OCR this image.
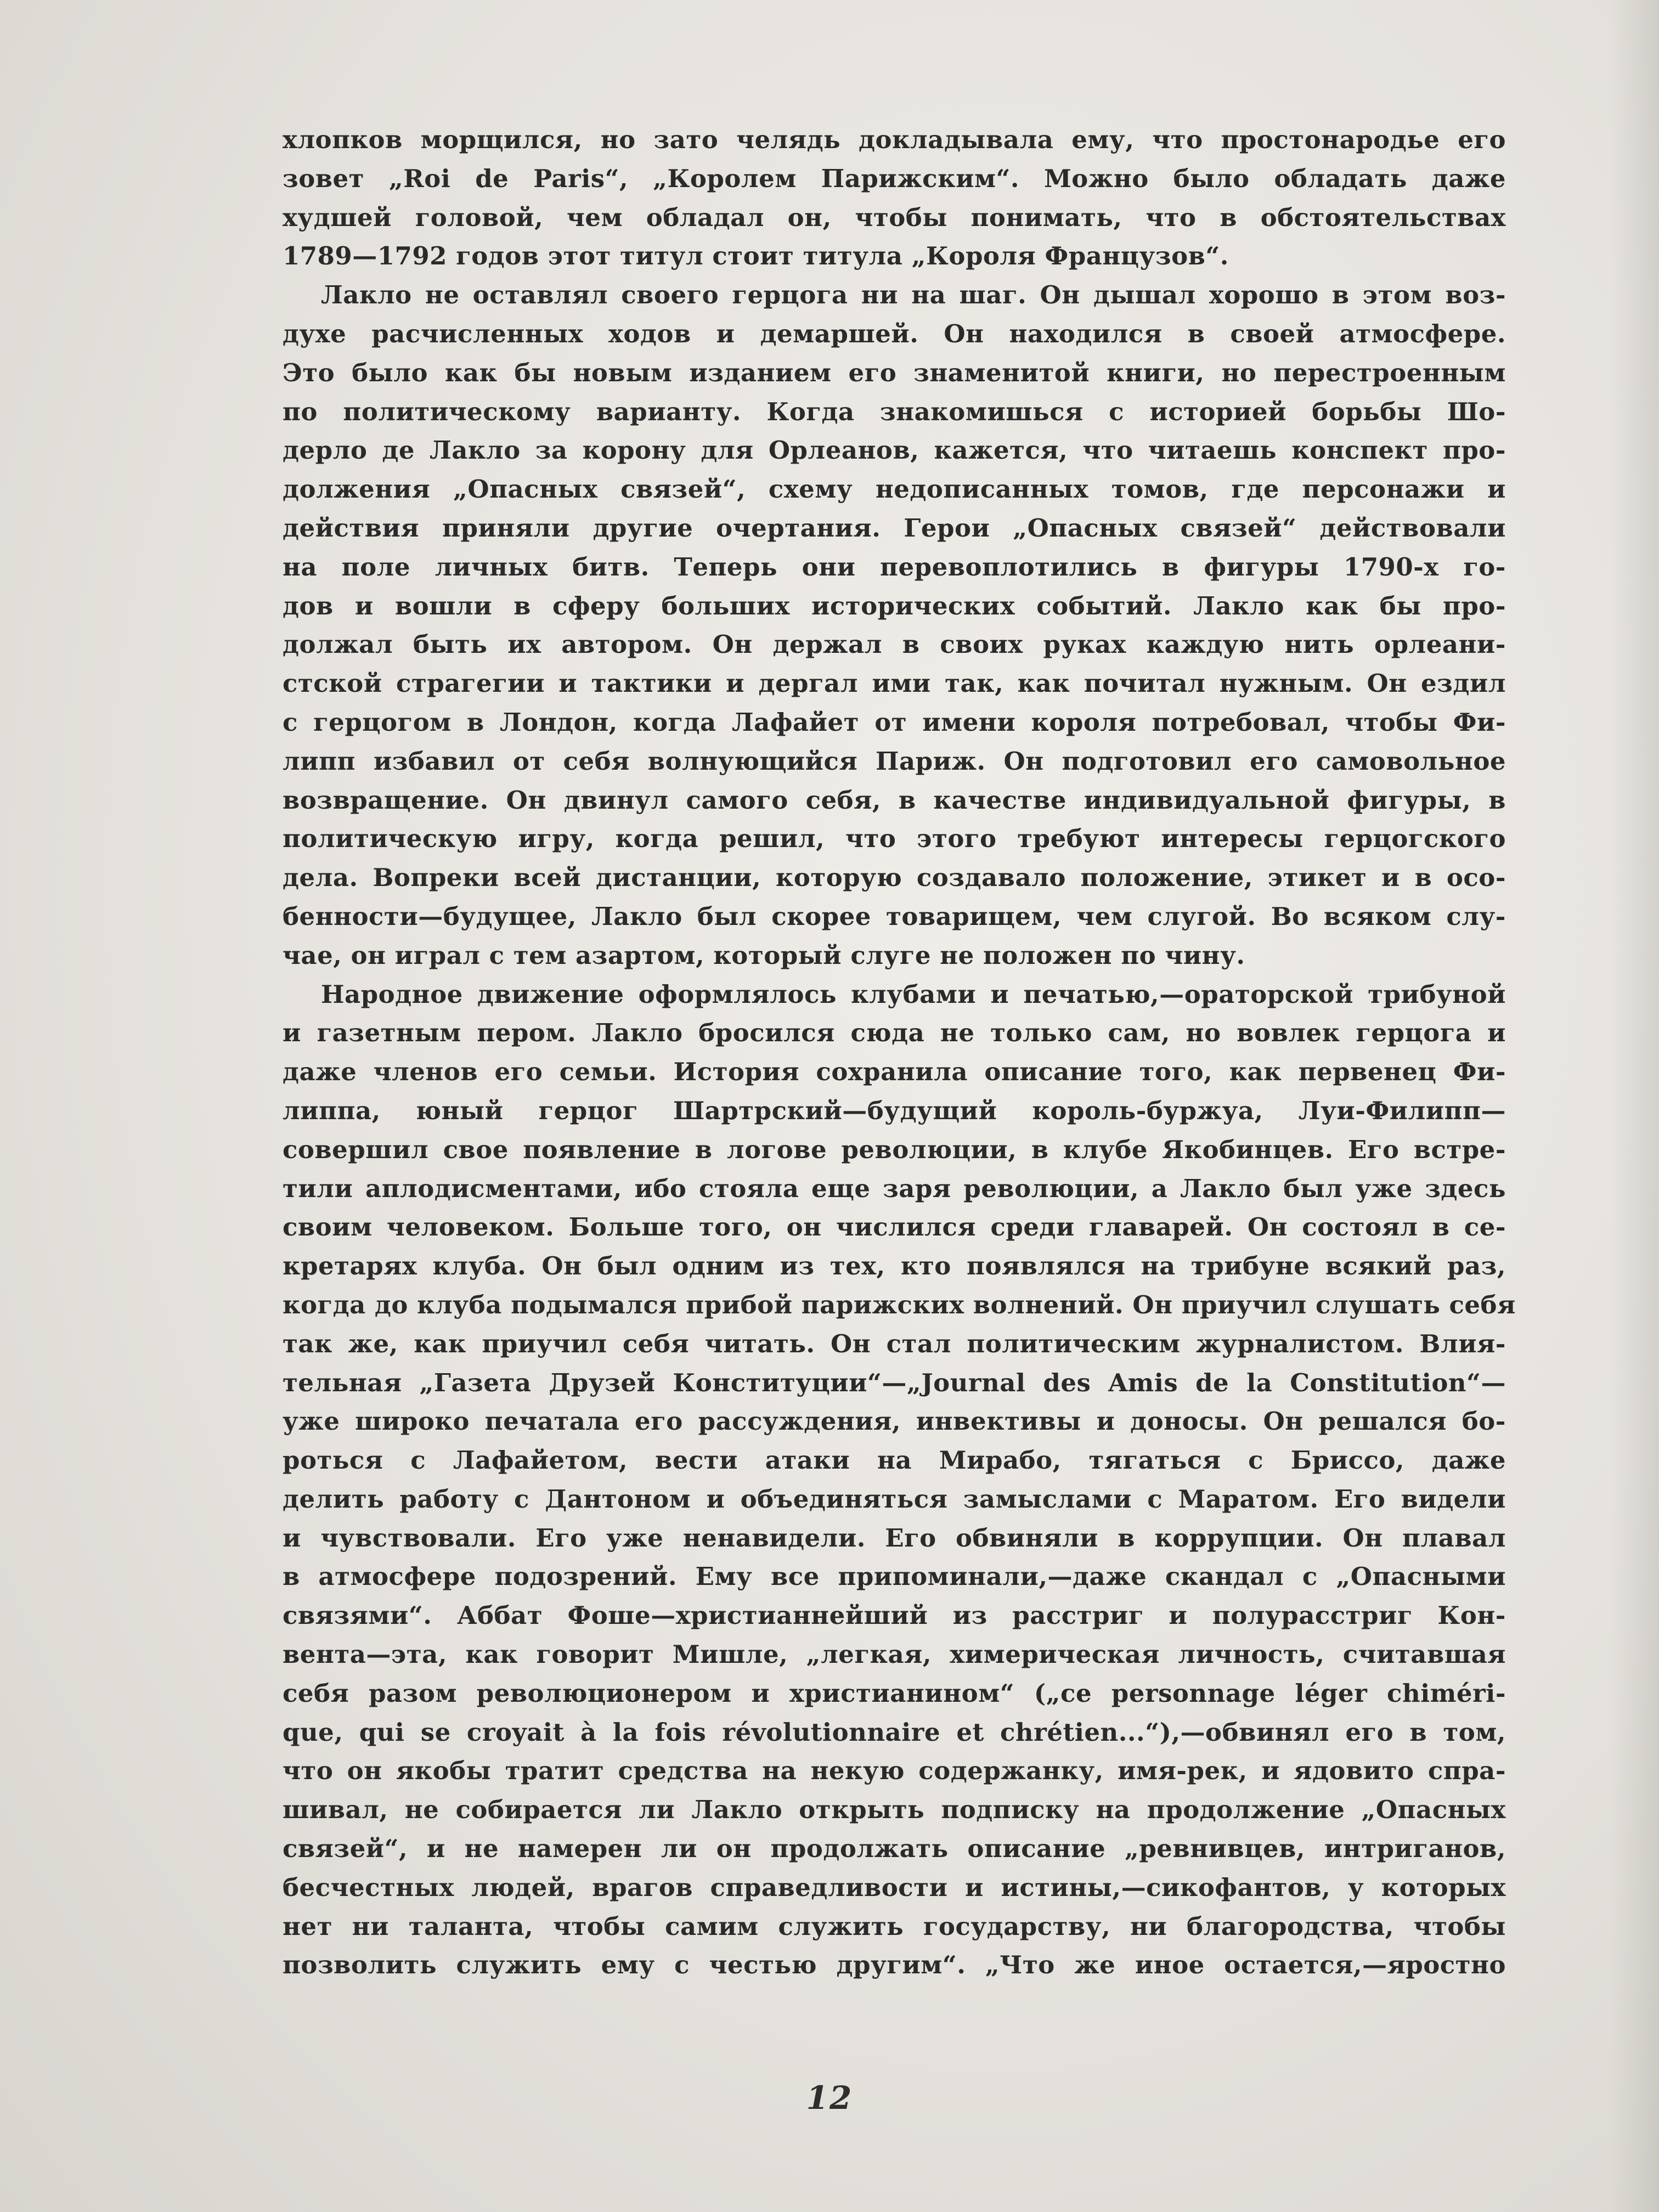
хлопков морщился, но зато челядь докладывала ему, что простонародье его
зовет „Roi de Paris“, „Королем Парижским“. Можно было обладать даже
худшей головой, чем обладал он, чтобы понимать, что в обстоятельствах
1789—1792 годов этот титул стоит титула „Короля Французов“.
Лакло не оставлял своего герцога ни на шаг. Он дышал хорошо в этом воз-
духе расчисленных ходов и демаршей. Он находился в своей атмосфере.
Это было как бы новым изданием его знаменитой книги, но перестроенным
по политическому варианту. Когда знакомишься с историей борьбы Шо-
дерло де Лакло за корону для Орлеанов, кажется, что читаешь конспект про-
должения „Опасных связей“, схему недописанных томов, где персонажи и
действия приняли другие очертания. Герои „Опасных связей“ действовали
на поле личных битв. Теперь они перевоплотились в фигуры 1790-х го-
дов и вошли в сферу больших исторических событий. Лакло как бы про-
должал быть их автором. Он держал в своих руках каждую нить орлеани-
стской страгегии и тактики и дергал ими так, как почитал нужным. Он ездил
с герцогом в Лондон, когда Лафайет от имени короля потребовал, чтобы Фи-
липп избавил от себя волнующийся Париж. Он подготовил его самовольное
возвращение. Он двинул самого себя, в качестве индивидуальной фигуры, в
политическую игру, когда решил, что этого требуют интересы герцогского
дела. Вопреки всей дистанции, которую создавало положение, этикет и в осо-
бенности—будущее, Лакло был скорее товарищем, чем слугой. Во всяком слу-
чае, он играл с тем азартом, который слуге не положен по чину.
Народное движение оформлялось клубами и печатью,—ораторской трибуной
и газетным пером. Лакло бросился сюда не только сам, но вовлек герцога и
даже членов его семьи. История сохранила описание того, как первенец Фи-
липпа, юный герцог Шартрский—будущий король-буржуа, Луи-Филипп—
совершил свое появление в логове революции, в клубе Якобинцев. Его встре-
тили аплодисментами, ибо стояла еще заря революции, а Лакло был уже здесь
своим человеком. Больше того, он числился среди главарей. Он состоял в се-
кретарях клуба. Он был одним из тех, кто появлялся на трибуне всякий раз,
когда до клуба подымался прибой парижских волнений. Он приучил слушать себя
так же, как приучил себя читать. Он стал политическим журналистом. Влия-
тельная „Газета Друзей Конституции“—„Journal des Amis de la Constitution“—
уже широко печатала его рассуждения, инвективы и доносы. Он решался бо-
роться с Лафайетом, вести атаки на Мирабо, тягаться с Бриссо, даже
делить работу с Дантоном и объединяться замыслами с Маратом. Его видели
и чувствовали. Его уже ненавидели. Его обвиняли в коррупции. Он плавал
в атмосфере подозрений. Ему все припоминали,—даже скандал с „Опасными
связями“. Аббат Фоше—христианнейший из расстриг и полурасстриг Кон-
вента—эта, как говорит Мишле, „легкая, химерическая личность, считавшая
себя разом революционером и христианином“ („ce personnage léger chiméri-
que, qui se croyait à la fois révolutionnaire et chrétien...“),—обвинял его в том,
что он якобы тратит средства на некую содержанку, имя-рек, и ядовито спра-
шивал, не собирается ли Лакло открыть подписку на продолжение „Опасных
связей“, и не намерен ли он продолжать описание „ревнивцев, интриганов,
бесчестных людей, врагов справедливости и истины,—сикофантов, у которых
нет ни таланта, чтобы самим служить государству, ни благородства, чтобы
позволить служить ему с честью другим“. „Что же иное остается,—яростно
12
